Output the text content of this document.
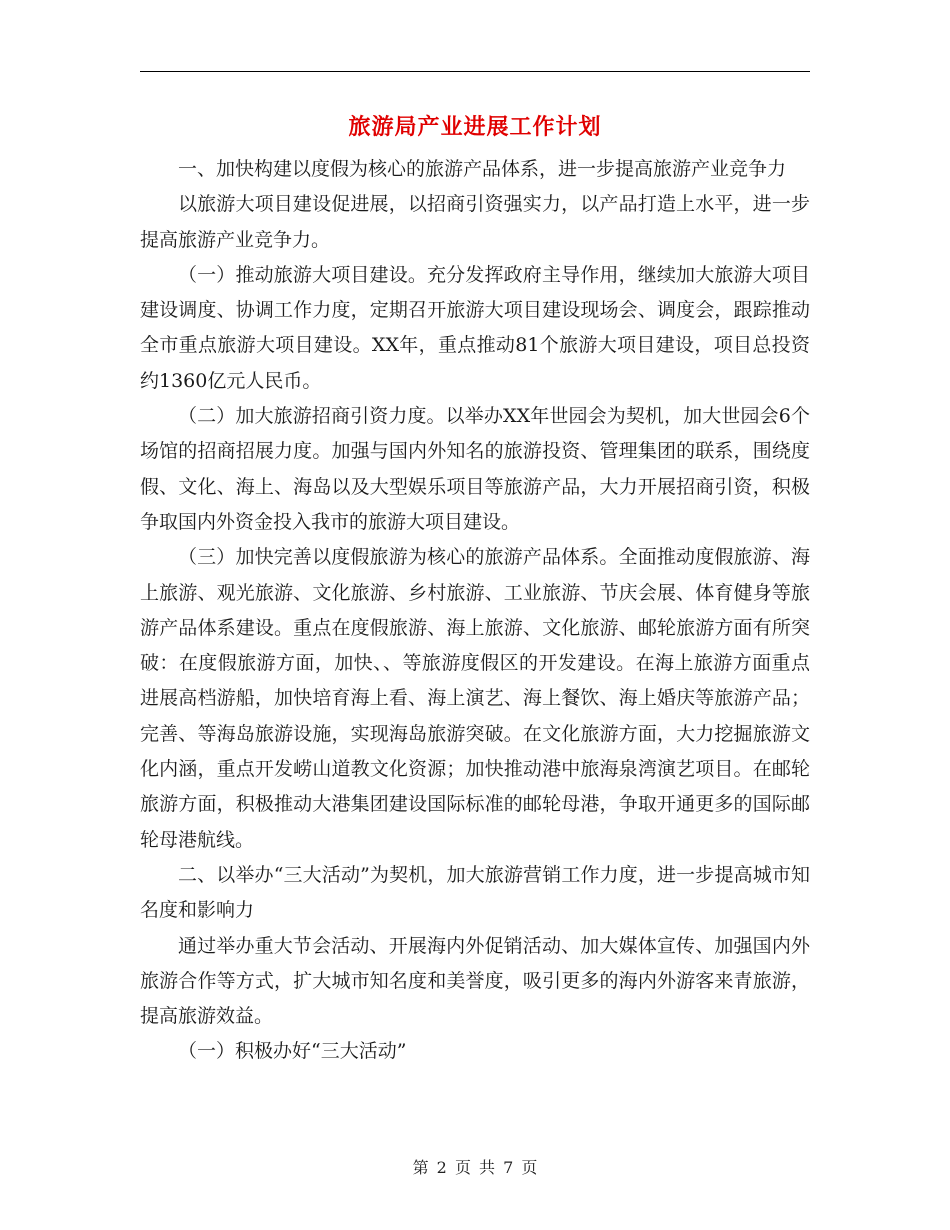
旅游局产业进展工作计划

一、加快构建以度假为核心的旅游产品体系，进一步提高旅游产业竞争力

以旅游大项目建设促进展，以招商引资强实力，以产品打造上水平，进一步提高旅游产业竞争力。

（一）推动旅游大项目建设。充分发挥政府主导作用，继续加大旅游大项目建设调度、协调工作力度，定期召开旅游大项目建设现场会、调度会，跟踪推动全市重点旅游大项目建设。XX年，重点推动81个旅游大项目建设，项目总投资约1360亿元人民币。

（二）加大旅游招商引资力度。以举办XX年世园会为契机，加大世园会6个场馆的招商招展力度。加强与国内外知名的旅游投资、管理集团的联系，围绕度假、文化、海上、海岛以及大型娱乐项目等旅游产品，大力开展招商引资，积极争取国内外资金投入我市的旅游大项目建设。

（三）加快完善以度假旅游为核心的旅游产品体系。全面推动度假旅游、海上旅游、观光旅游、文化旅游、乡村旅游、工业旅游、节庆会展、体育健身等旅游产品体系建设。重点在度假旅游、海上旅游、文化旅游、邮轮旅游方面有所突破：在度假旅游方面，加快、、等旅游度假区的开发建设。在海上旅游方面重点进展高档游船，加快培育海上看、海上演艺、海上餐饮、海上婚庆等旅游产品；完善、等海岛旅游设施，实现海岛旅游突破。在文化旅游方面，大力挖掘旅游文化内涵，重点开发崂山道教文化资源；加快推动港中旅海泉湾演艺项目。在邮轮旅游方面，积极推动大港集团建设国际标准的邮轮母港，争取开通更多的国际邮轮母港航线。

二、以举办“三大活动”为契机，加大旅游营销工作力度，进一步提高城市知名度和影响力

通过举办重大节会活动、开展海内外促销活动、加大媒体宣传、加强国内外旅游合作等方式，扩大城市知名度和美誉度，吸引更多的海内外游客来青旅游，提高旅游效益。

（一）积极办好“三大活动”

第 2 页 共 7 页
